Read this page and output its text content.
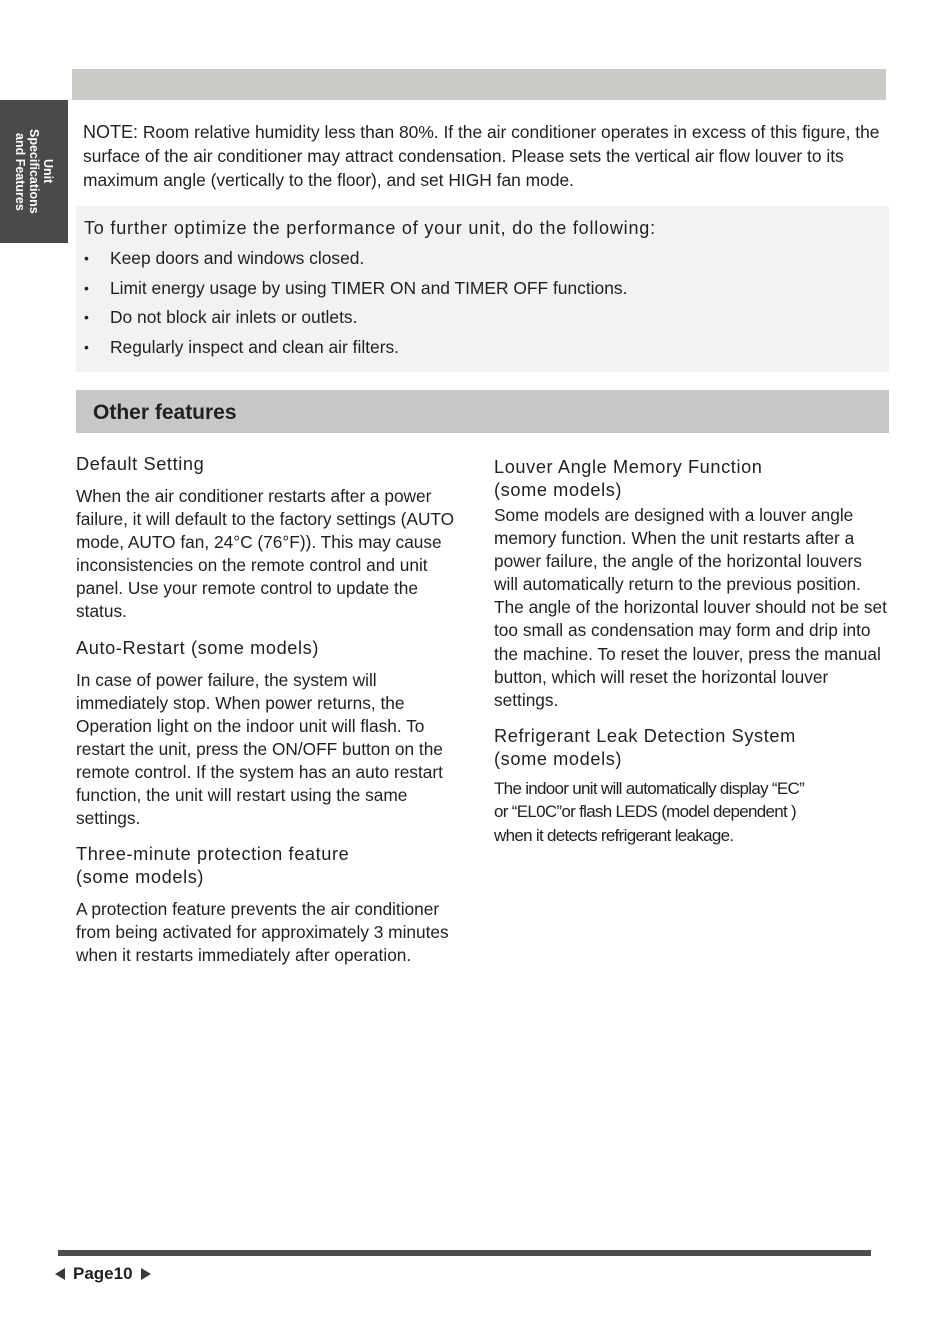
Unit
Specifications
and Features

NOTE: Room relative humidity less than 80%. If the air conditioner operates in excess of this figure, the surface of the air conditioner may attract condensation. Please sets the vertical air flow louver to its maximum angle (vertically to the floor), and set HIGH fan mode.

To further optimize the performance of your unit, do the following:
• Keep doors and windows closed.
• Limit energy usage by using TIMER ON and TIMER OFF functions.
• Do not block air inlets or outlets.
• Regularly inspect and clean air filters.
Other features

Default Setting

When the air conditioner restarts after a power failure, it will default to the factory settings (AUTO mode, AUTO fan, 24°C (76°F)). This may cause inconsistencies on the remote control and unit panel. Use your remote control to update the status.

Auto-Restart (some models)

In case of power failure, the system will immediately stop. When power returns, the Operation light on the indoor unit will flash. To restart the unit, press the ON/OFF button on the remote control. If the system has an auto restart function, the unit will restart using the same settings.

Three-minute protection feature
(some models)

A protection feature prevents the air conditioner from being activated for approximately 3 minutes when it restarts immediately after operation.

Louver Angle Memory Function
(some models)

Some models are designed with a louver angle memory function. When the unit restarts after a power failure, the angle of the horizontal louvers will automatically return to the previous position. The angle of the horizontal louver should not be set too small as condensation may form and drip into the machine. To reset the louver, press the manual button, which will reset the horizontal louver settings.

Refrigerant Leak Detection System
(some models)

The indoor unit will automatically display “EC”
or “EL0C”or flash LEDS (model dependent )
when it detects refrigerant leakage.

Page10
